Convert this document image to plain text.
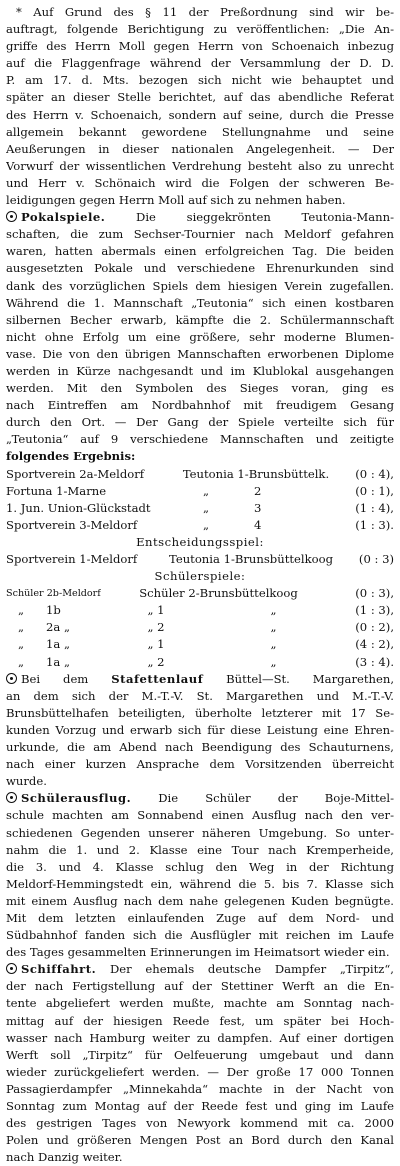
* Auf Grund des § 11 der Preßordnung sind wir be-

auftragt, folgende Berichtigung zu veröffentlichen: „Die An-

griffe des Herrn Moll gegen Herrn von Schoenaich inbezug

auf die Flaggenfrage während der Versammlung der D. D.

P. am 17. d. Mts. bezogen sich nicht wie behauptet und

später an dieser Stelle berichtet, auf das abendliche Referat

des Herrn v. Schoenaich, sondern auf seine, durch die Presse

allgemein bekannt gewordene Stellungnahme und seine

Aeußerungen in dieser nationalen Angelegenheit. — Der

Vorwurf der wissentlichen Verdrehung besteht also zu unrecht

und Herr v. Schönaich wird die Folgen der schweren Be-

leidigungen gegen Herrn Moll auf sich zu nehmen haben.

Pokalspiele. Die sieggekrönten Teutonia-Mann-

schaften, die zum Sechser-Tournier nach Meldorf gefahren

waren, hatten abermals einen erfolgreichen Tag. Die beiden

ausgesetzten Pokale und verschiedene Ehrenurkunden sind

dank des vorzüglichen Spiels dem hiesigen Verein zugefallen.

Während die 1. Mannschaft „Teutonia“ sich einen kostbaren

silbernen Becher erwarb, kämpfte die 2. Schülermannschaft

nicht ohne Erfolg um eine größere, sehr moderne Blumen-

vase. Die von den übrigen Mannschaften erworbenen Diplome

werden in Kürze nachgesandt und im Klublokal ausgehangen

werden. Mit den Symbolen des Sieges voran, ging es

nach Eintreffen am Nordbahnhof mit freudigem Gesang

durch den Ort. — Der Gang der Spiele verteilte sich für

„Teutonia“ auf 9 verschiedene Mannschaften und zeitigte

folgendes Ergebnis:

Sportverein 2a-Meldorf	Teutonia 1-Brunsbüttelk.		(0 : 4),
Fortuna 1-Marne	„	2	(0 : 1),
1. Jun. Union-Glückstadt	„	3	(1 : 4),
Sportverein 3-Meldorf	„	4	(1 : 3).
Entscheidungsspiel:
Sportverein 1-Meldorf	Teutonia 1-Brunsbüttelkoog	(0 : 3)
Schülerspiele:
Schüler 2b-Meldorf		Schüler 2-Brunsbüttelkoog		(0 : 3),
„	1b	„ 1	„	(1 : 3),
„	2a „	„ 2	„	(0 : 2),
„	1a „	„ 1	„	(4 : 2),
„	1a „	„ 2	„	(3 : 4).

Bei dem Stafettenlauf Büttel—St. Margarethen,

an dem sich der M.-T.-V. St. Margarethen und M.-T.-V.

Brunsbüttelhafen beteiligten, überholte letzterer mit 17 Se-

kunden Vorzug und erwarb sich für diese Leistung eine Ehren-

urkunde, die am Abend nach Beendigung des Schauturnens,

nach einer kurzen Ansprache dem Vorsitzenden überreicht

wurde.

Schülerausflug. Die Schüler der Boje-Mittel-

schule machten am Sonnabend einen Ausflug nach den ver-

schiedenen Gegenden unserer näheren Umgebung. So unter-

nahm die 1. und 2. Klasse eine Tour nach Kremperheide,

die 3. und 4. Klasse schlug den Weg in der Richtung

Meldorf-Hemmingstedt ein, während die 5. bis 7. Klasse sich

mit einem Ausflug nach dem nahe gelegenen Kuden begnügte.

Mit dem letzten einlaufenden Zuge auf dem Nord- und

Südbahnhof fanden sich die Ausflügler mit reichen im Laufe

des Tages gesammelten Erinnerungen im Heimatsort wieder ein.

Schiffahrt. Der ehemals deutsche Dampfer „Tirpitz“,

der nach Fertigstellung auf der Stettiner Werft an die En-

tente abgeliefert werden mußte, machte am Sonntag nach-

mittag auf der hiesigen Reede fest, um später bei Hoch-

wasser nach Hamburg weiter zu dampfen. Auf einer dortigen

Werft soll „Tirpitz“ für Oelfeuerung umgebaut und dann

wieder zurückgeliefert werden. — Der große 17 000 Tonnen

Passagierdampfer „Minnekahda“ machte in der Nacht von

Sonntag zum Montag auf der Reede fest und ging im Laufe

des gestrigen Tages von Newyork kommend mit ca. 2000

Polen und größeren Mengen Post an Bord durch den Kanal

nach Danzig weiter.
